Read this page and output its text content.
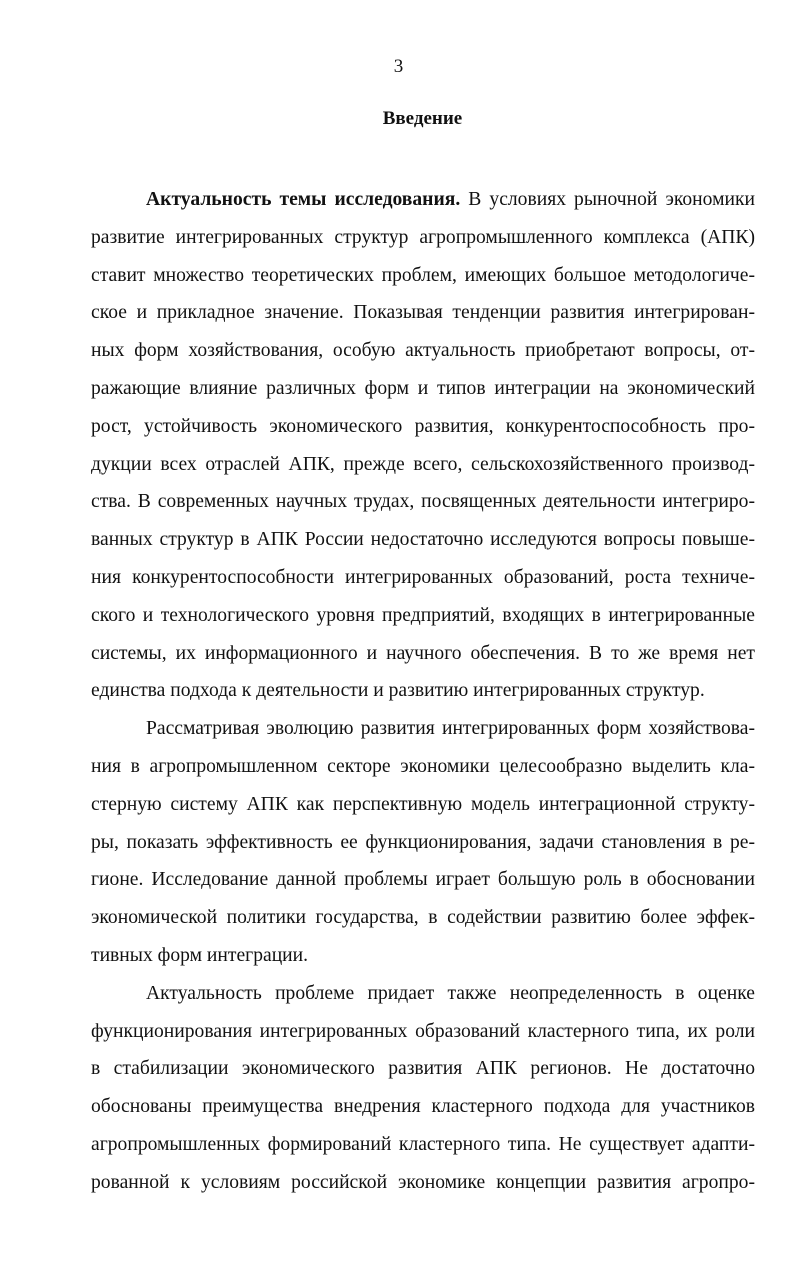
3
Введение
Актуальность темы исследования. В условиях рыночной экономики
развитие интегрированных структур агропромышленного комплекса (АПК)
ставит множество теоретических проблем, имеющих большое методологиче-
ское и прикладное значение. Показывая тенденции развития интегрирован-
ных форм хозяйствования, особую актуальность приобретают вопросы, от-
ражающие влияние различных форм и типов интеграции на экономический
рост, устойчивость экономического развития, конкурентоспособность про-
дукции всех отраслей АПК, прежде всего, сельскохозяйственного производ-
ства. В современных научных трудах, посвященных деятельности интегриро-
ванных структур в АПК России недостаточно исследуются вопросы повыше-
ния конкурентоспособности интегрированных образований, роста техниче-
ского и технологического уровня предприятий, входящих в интегрированные
системы, их информационного и научного обеспечения. В то же время нет
единства подхода к деятельности и развитию интегрированных структур.
Рассматривая эволюцию развития интегрированных форм хозяйствова-
ния в агропромышленном секторе экономики целесообразно выделить кла-
стерную систему АПК как перспективную модель интеграционной структу-
ры, показать эффективность ее функционирования, задачи становления в ре-
гионе. Исследование данной проблемы играет большую роль в обосновании
экономической политики государства, в содействии развитию более эффек-
тивных форм интеграции.
Актуальность проблеме придает также неопределенность в оценке
функционирования интегрированных образований кластерного типа, их роли
в стабилизации экономического развития АПК регионов. Не достаточно
обоснованы преимущества внедрения кластерного подхода для участников
агропромышленных формирований кластерного типа. Не существует адапти-
рованной к условиям российской экономике концепции развития агропро-
